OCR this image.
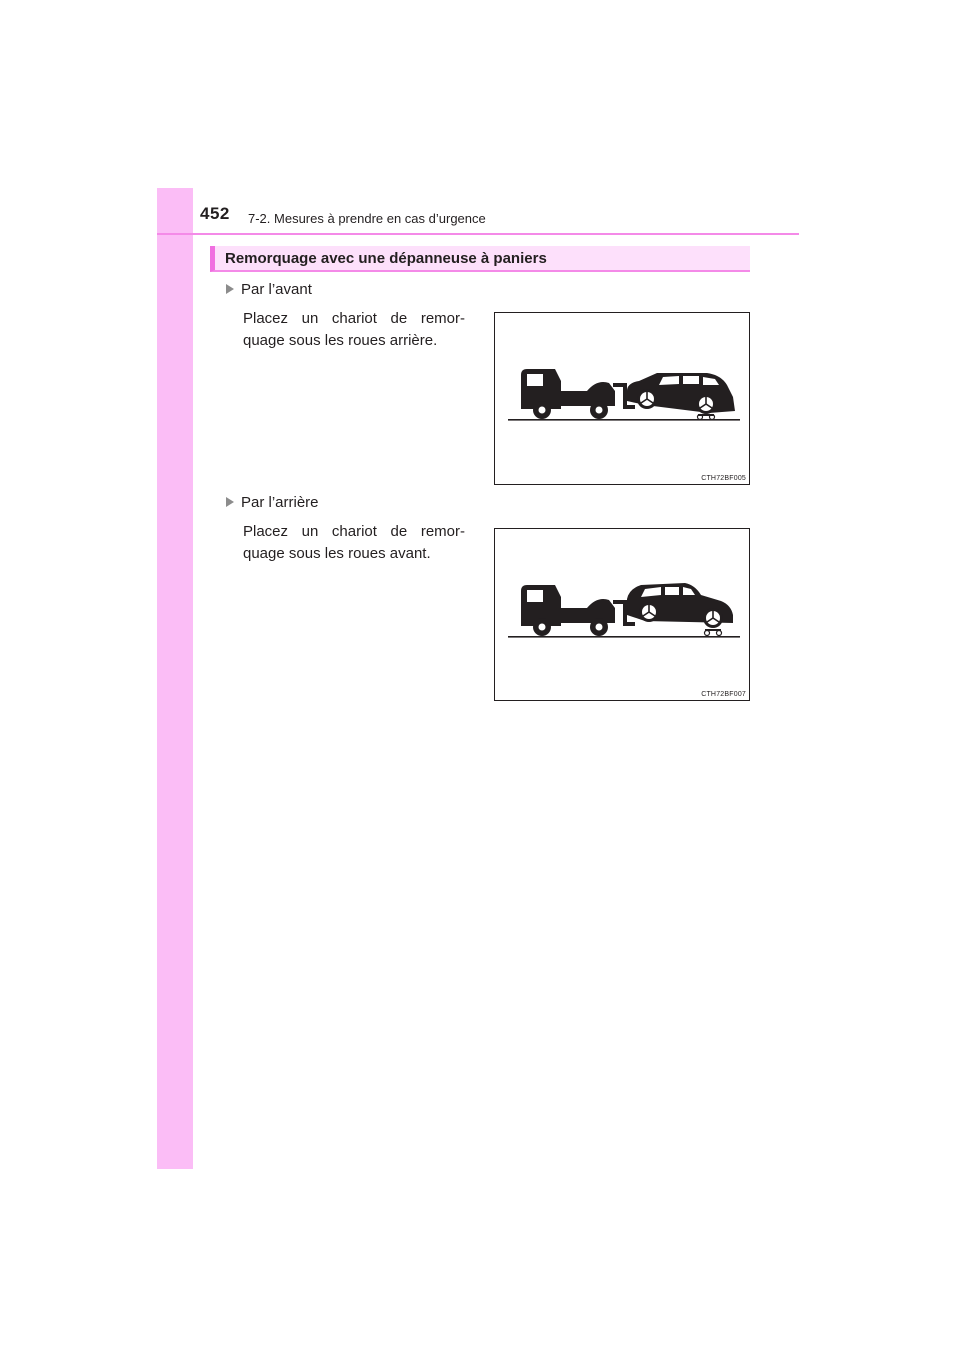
452 7-2. Mesures à prendre en cas d’urgence
Remorquage avec une dépanneuse à paniers
Par l’avant
Placez un chariot de remor-quage sous les roues arrière.
CTH72BF005
Par l’arrière
Placez un chariot de remor-quage sous les roues avant.
CTH72BF007
